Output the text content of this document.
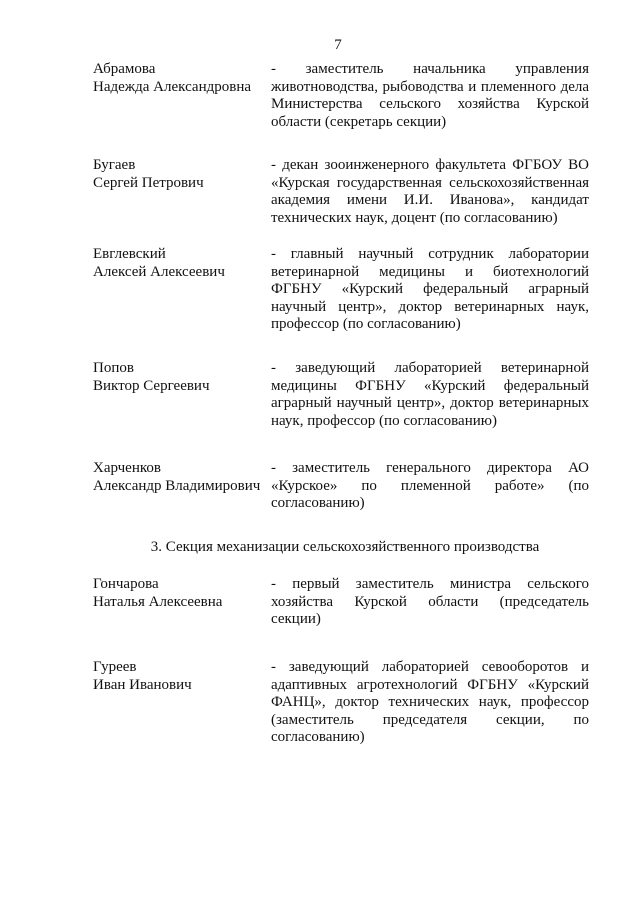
7
Абрамова
Надежда Александровна
- заместитель начальника управления животноводства, рыбоводства и племенного дела Министерства сельского хозяйства Курской области (секретарь секции)
Бугаев
Сергей Петрович
- декан зооинженерного факультета ФГБОУ ВО «Курская государственная сельскохозяйственная академия имени И.И. Иванова», кандидат технических наук, доцент (по согласованию)
Евглевский
Алексей Алексеевич
- главный научный сотрудник лаборатории ветеринарной медицины и биотехнологий ФГБНУ «Курский федеральный аграрный научный центр», доктор ветеринарных наук, профессор (по согласованию)
Попов
Виктор Сергеевич
- заведующий лабораторией ветеринарной медицины ФГБНУ «Курский федеральный аграрный научный центр», доктор ветеринарных наук, профессор (по согласованию)
Харченков
Александр Владимирович
- заместитель генерального директора АО «Курское» по племенной работе» (по согласованию)
3. Секция механизации сельскохозяйственного производства
Гончарова
Наталья Алексеевна
- первый заместитель министра сельского хозяйства Курской области (председатель секции)
Гуреев
Иван Иванович
- заведующий лабораторией севооборотов и адаптивных агротехнологий ФГБНУ «Курский ФАНЦ», доктор технических наук, профессор (заместитель председателя секции, по согласованию)
